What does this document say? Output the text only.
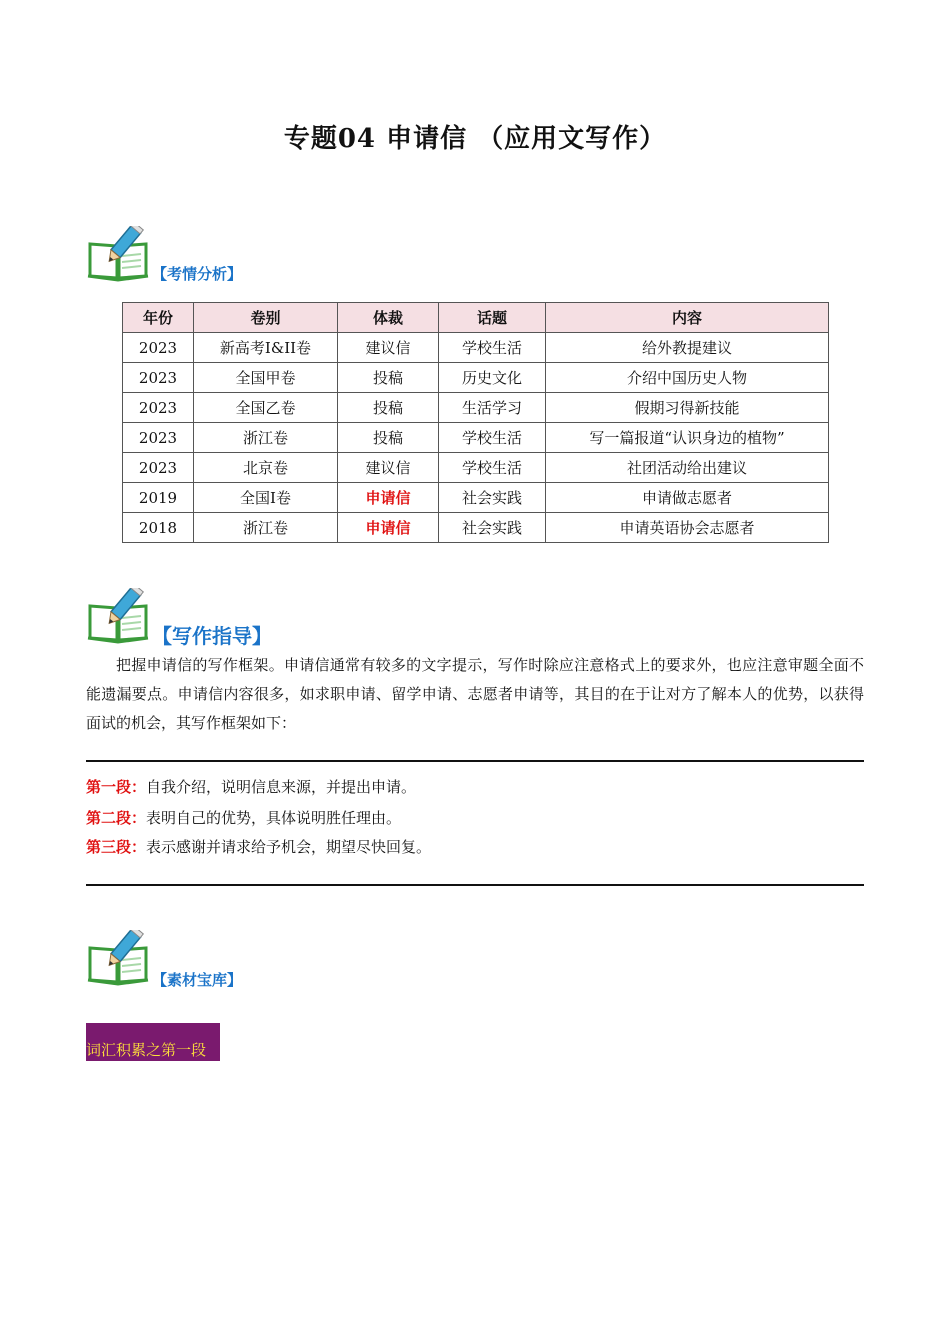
专题04 申请信 （应用文写作）
【考情分析】
年份	卷别	体裁	话题	内容
2023	新高考I&II卷	建议信	学校生活	给外教提建议
2023	全国甲卷	投稿	历史文化	介绍中国历史人物
2023	全国乙卷	投稿	生活学习	假期习得新技能
2023	浙江卷	投稿	学校生活	写一篇报道“认识身边的植物”
2023	北京卷	建议信	学校生活	社团活动给出建议
2019	全国I卷	申请信	社会实践	申请做志愿者
2018	浙江卷	申请信	社会实践	申请英语协会志愿者
【写作指导】
把握申请信的写作框架。申请信通常有较多的文字提示，写作时除应注意格式上的要求外，也应注意审题全面不能遗漏要点。申请信内容很多，如求职申请、留学申请、志愿者申请等，其目的在于让对方了解本人的优势，以获得面试的机会，其写作框架如下：
第一段：自我介绍，说明信息来源，并提出申请。
第二段：表明自己的优势，具体说明胜任理由。
第三段：表示感谢并请求给予机会，期望尽快回复。
【素材宝库】
词汇积累之第一段
